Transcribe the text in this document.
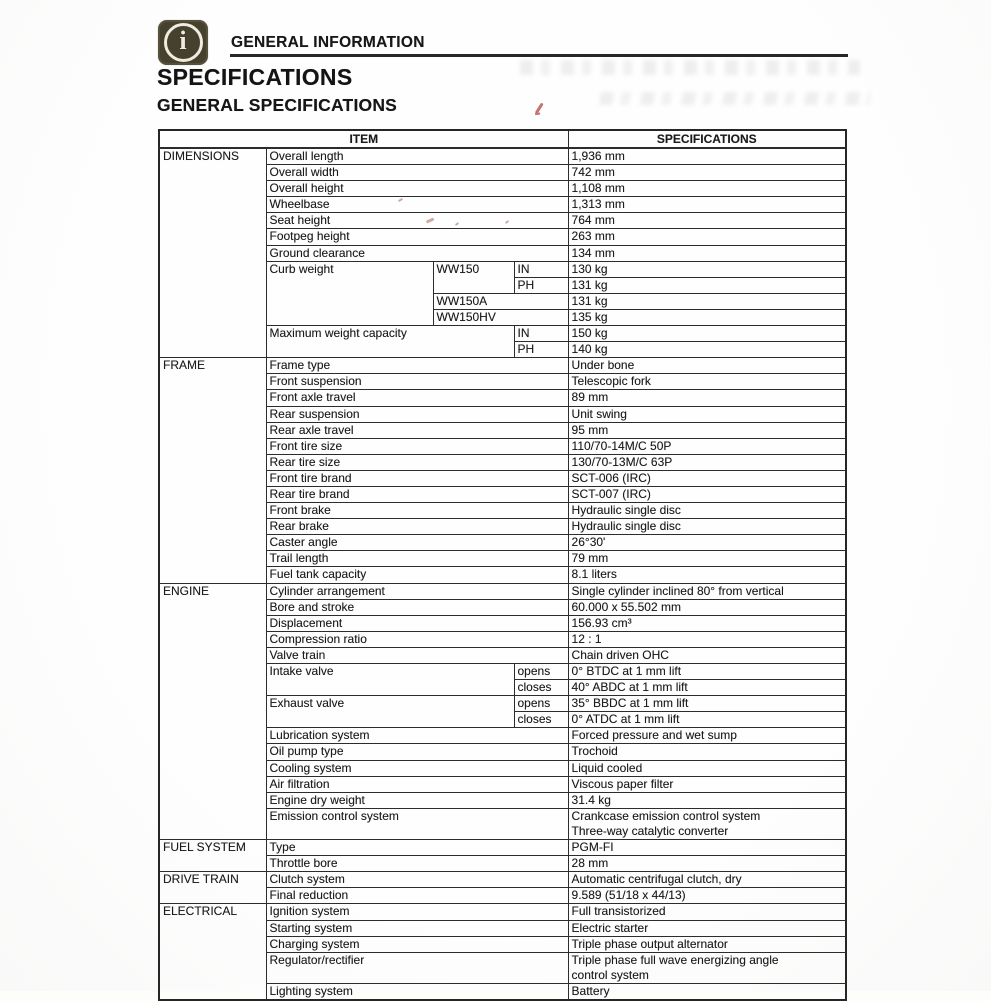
i	GENERAL INFORMATION
SPECIFICATIONS
GENERAL SPECIFICATIONS
ITEM				SPECIFICATIONS
DIMENSIONS	Overall length			1,936 mm
	Overall width			742 mm
	Overall height			1,108 mm
	Wheelbase			1,313 mm
	Seat height			764 mm
	Footpeg height			263 mm
	Ground clearance			134 mm
	Curb weight	WW150	IN	130 kg
			PH	131 kg
		WW150A		131 kg
		WW150HV		135 kg
	Maximum weight capacity		IN	150 kg
			PH	140 kg
FRAME	Frame type			Under bone
	Front suspension			Telescopic fork
	Front axle travel			89 mm
	Rear suspension			Unit swing
	Rear axle travel			95 mm
	Front tire size			110/70-14M/C 50P
	Rear tire size			130/70-13M/C 63P
	Front tire brand			SCT-006 (IRC)
	Rear tire brand			SCT-007 (IRC)
	Front brake			Hydraulic single disc
	Rear brake			Hydraulic single disc
	Caster angle			26°30'
	Trail length			79 mm
	Fuel tank capacity			8.1 liters
ENGINE	Cylinder arrangement			Single cylinder inclined 80° from vertical
	Bore and stroke			60.000 x 55.502 mm
	Displacement			156.93 cm³
	Compression ratio			12 : 1
	Valve train			Chain driven OHC
	Intake valve		opens	0° BTDC at 1 mm lift
			closes	40° ABDC at 1 mm lift
	Exhaust valve		opens	35° BBDC at 1 mm lift
			closes	0° ATDC at 1 mm lift
	Lubrication system			Forced pressure and wet sump
	Oil pump type			Trochoid
	Cooling system			Liquid cooled
	Air filtration			Viscous paper filter
	Engine dry weight			31.4 kg
	Emission control system			Crankcase emission control system
Three-way catalytic converter
FUEL SYSTEM	Type			PGM-FI
	Throttle bore			28 mm
DRIVE TRAIN	Clutch system			Automatic centrifugal clutch, dry
	Final reduction			9.589 (51/18 x 44/13)
ELECTRICAL	Ignition system			Full transistorized
	Starting system			Electric starter
	Charging system			Triple phase output alternator
	Regulator/rectifier			Triple phase full wave energizing angle
control system
	Lighting system			Battery
